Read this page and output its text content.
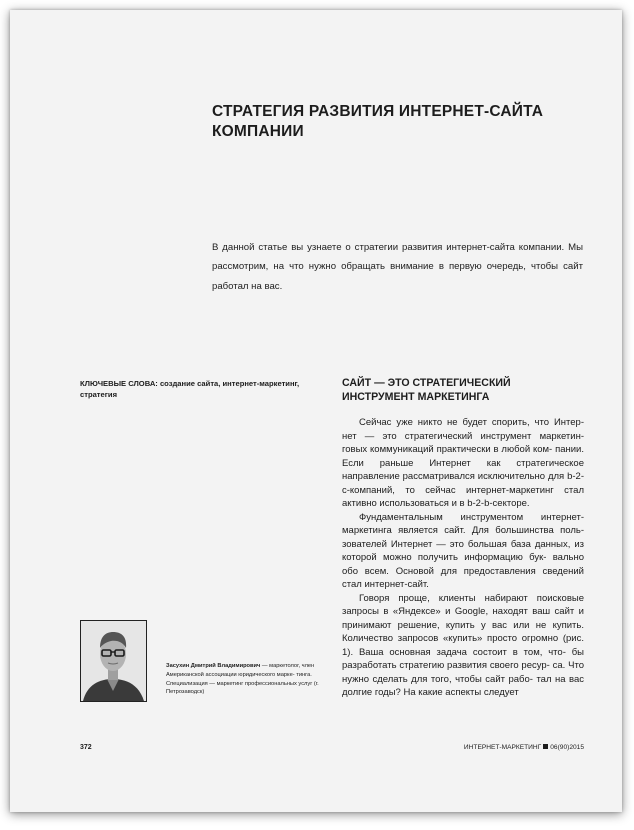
СТРАТЕГИЯ РАЗВИТИЯ ИНТЕРНЕТ-САЙТА КОМПАНИИ

В данной статье вы узнаете о стратегии развития интернет-сайта компании. Мы рассмотрим, на что нужно обращать внимание в первую очередь, чтобы сайт работал на вас.

КЛЮЧЕВЫЕ СЛОВА: создание сайта, интернет-маркетинг, стратегия
САЙТ — ЭТО СТРАТЕГИЧЕСКИЙ ИНСТРУМЕНТ МАРКЕТИНГА

Сейчас уже никто не будет спорить, что Интер- нет — это стратегический инструмент маркетин- говых коммуникаций практически в любой ком- пании. Если раньше Интернет как стратегическое направление рассматривался исключительно для b-2-c-компаний, то сейчас интернет-маркетинг стал активно использоваться и в b-2-b-секторе.

Фундаментальным инструментом интернет- маркетинга является сайт. Для большинства поль- зователей Интернет — это большая база данных, из которой можно получить информацию бук- вально обо всем. Основой для предоставления сведений стал интернет-сайт.

Говоря проще, клиенты набирают поисковые запросы в «Яндексе» и Google, находят ваш сайт и принимают решение, купить у вас или не купить. Количество запросов «купить» просто огромно (рис. 1). Ваша основная задача состоит в том, что- бы разработать стратегию развития своего ресур- са. Что нужно сделать для того, чтобы сайт рабо- тал на вас долгие годы? На какие аспекты следует

Засухин Дмитрий Владимирович — маркетолог, член Американской ассоциации юридического марке- тинга. Специализация — маркетинг профессиональных услуг (г. Петрозаводск)
372	ИНТЕРНЕТ-МАРКЕТИНГ 06(90)2015
